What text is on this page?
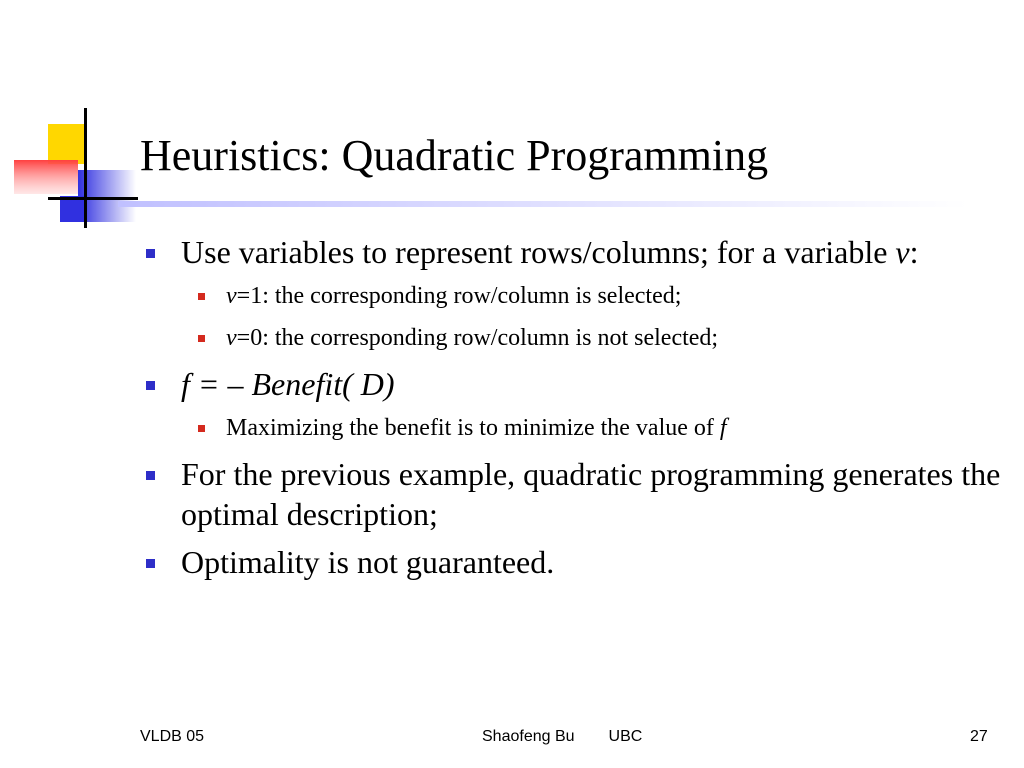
Heuristics: Quadratic Programming
Use variables to represent rows/columns; for a variable v:
v=1: the corresponding row/column is selected;
v=0: the corresponding row/column is not selected;
f = – Benefit( D)
Maximizing the benefit is to minimize the value of f
For the previous example, quadratic programming generates the optimal description;
Optimality is not guaranteed.
VLDB 05	Shaofeng Bu UBC	27
